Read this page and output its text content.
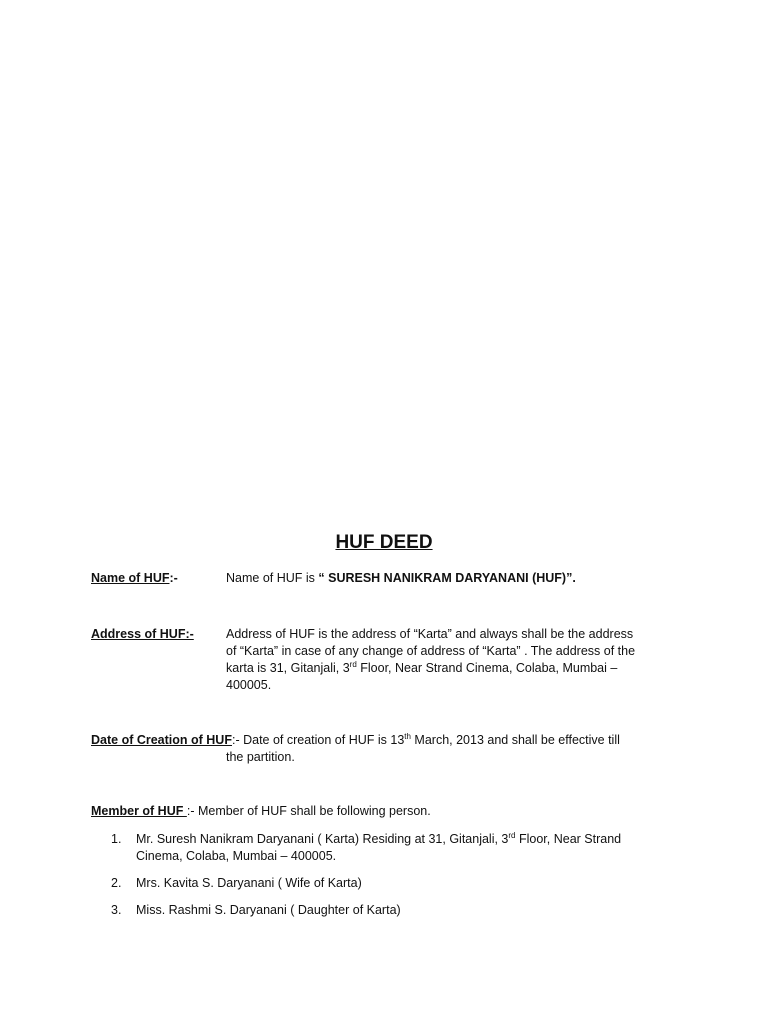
HUF DEED
Name of HUF:-	Name of HUF is “ SURESH NANIKRAM DARYANANI (HUF)”.
Address of HUF:-	Address of HUF is the address of “Karta” and always shall be the address
of “Karta” in case of any change of address of “Karta” . The address of the
karta is 31, Gitanjali, 3rd Floor, Near Strand Cinema, Colaba, Mumbai –
400005.
Date of Creation of HUF:- Date of creation of HUF is 13th March, 2013 and shall be effective till
the partition.
Member of HUF :- Member of HUF shall be following person.
1. Mr. Suresh Nanikram Daryanani ( Karta) Residing at 31, Gitanjali, 3rd Floor, Near Strand
Cinema, Colaba, Mumbai – 400005.
2. Mrs. Kavita S. Daryanani ( Wife of Karta)
3. Miss. Rashmi S. Daryanani ( Daughter of Karta)
